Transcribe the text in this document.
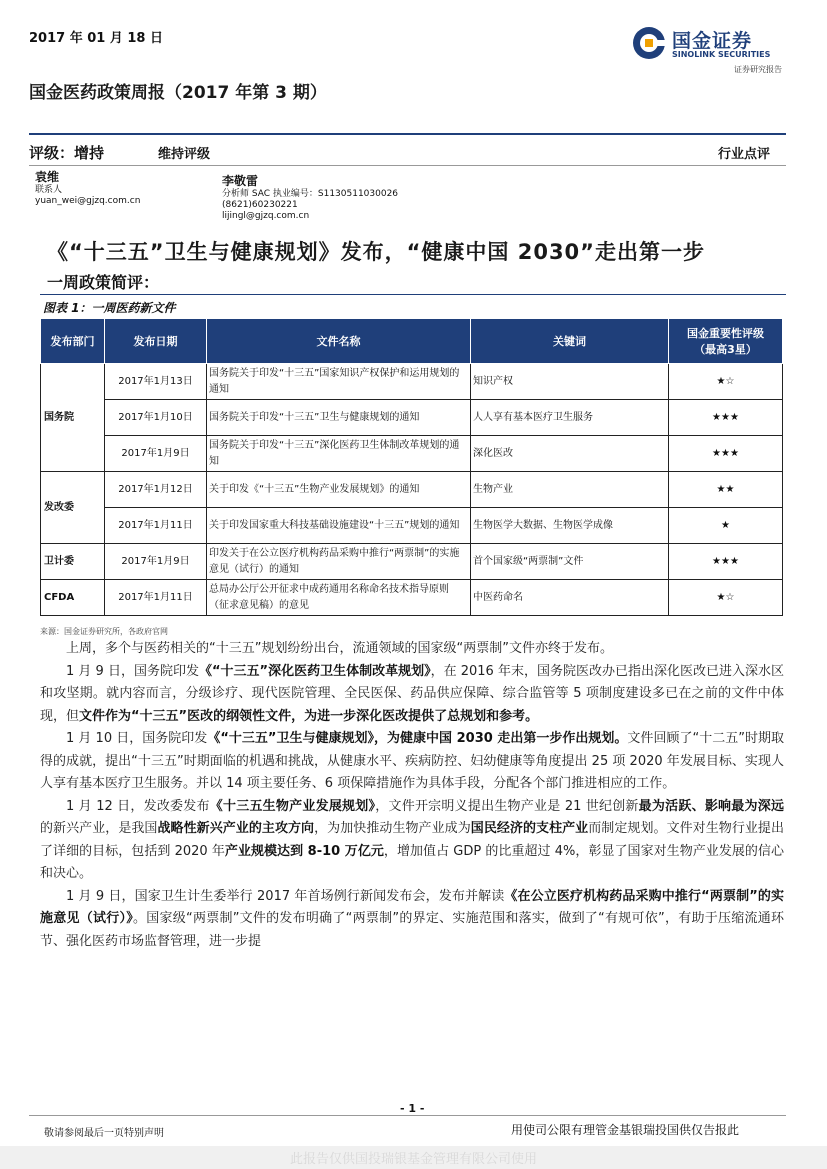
2017 年 01 月 18 日	国金证券
SINOLINK SECURITIES
证券研究报告
国金医药政策周报（2017 年第 3 期）
评级：增持	维持评级	行业点评
袁维
联系人
yuan_wei@gjzq.com.cn
李敬雷
分析师 SAC 执业编号：S1130511030026
(8621)60230221
lijingl@gjzq.com.cn
《“十三五”卫生与健康规划》发布，“健康中国 2030”走出第一步
一周政策简评：
图表 1：一周医药新文件
发布部门	发布日期	文件名称	关键词	国金重要性评级
（最高3星）

国务院	2017年1月13日	国务院关于印发“十三五”国家知识产权保护和运用规划的通知	知识产权	★☆
	2017年1月10日	国务院关于印发“十三五”卫生与健康规划的通知	人人享有基本医疗卫生服务	★★★
	2017年1月9日	国务院关于印发“十三五”深化医药卫生体制改革规划的通知	深化医改	★★★
发改委	2017年1月12日	关于印发《“十三五”生物产业发展规划》的通知	生物产业	★★
	2017年1月11日	关于印发国家重大科技基础设施建设“十三五”规划的通知	生物医学大数据、生物医学成像	★
卫计委	2017年1月9日	印发关于在公立医疗机构药品采购中推行“两票制”的实施意见（试行）的通知	首个国家级“两票制”文件	★★★
CFDA	2017年1月11日	总局办公厅公开征求中成药通用名称命名技术指导原则（征求意见稿）的意见	中医药命名	★☆
来源：国金证券研究所，各政府官网

上周，多个与医药相关的“十三五”规划纷纷出台，流通领域的国家级“两票制”文件亦终于发布。

1 月 9 日，国务院印发《“十三五”深化医药卫生体制改革规划》，在 2016 年末，国务院医改办已指出深化医改已进入深水区和攻坚期。就内容而言，分级诊疗、现代医院管理、全民医保、药品供应保障、综合监管等 5 项制度建设多已在之前的文件中体现，但文件作为“十三五”医改的纲领性文件，为进一步深化医改提供了总规划和参考。

1 月 10 日，国务院印发《“十三五”卫生与健康规划》，为健康中国 2030 走出第一步作出规划。文件回顾了“十二五”时期取得的成就，提出“十三五”时期面临的机遇和挑战，从健康水平、疾病防控、妇幼健康等角度提出 25 项 2020 年发展目标、实现人人享有基本医疗卫生服务。并以 14 项主要任务、6 项保障措施作为具体手段，分配各个部门推进相应的工作。

1 月 12 日，发改委发布《十三五生物产业发展规划》，文件开宗明义提出生物产业是 21 世纪创新最为活跃、影响最为深远的新兴产业，是我国战略性新兴产业的主攻方向，为加快推动生物产业成为国民经济的支柱产业而制定规划。文件对生物行业提出了详细的目标，包括到 2020 年产业规模达到 8-10 万亿元，增加值占 GDP 的比重超过 4%，彰显了国家对生物产业发展的信心和决心。

1 月 9 日，国家卫生计生委举行 2017 年首场例行新闻发布会，发布并解读《在公立医疗机构药品采购中推行“两票制”的实施意见（试行）》。国家级“两票制”文件的发布明确了“两票制”的界定、实施范围和落实，做到了“有规可依”，有助于压缩流通环节、强化医药市场监督管理，进一步提

- 1 -
敬请参阅最后一页特别声明	用使司公限有理管金基银瑞投国供仅告报此
此报告仅供国投瑞银基金管理有限公司使用
